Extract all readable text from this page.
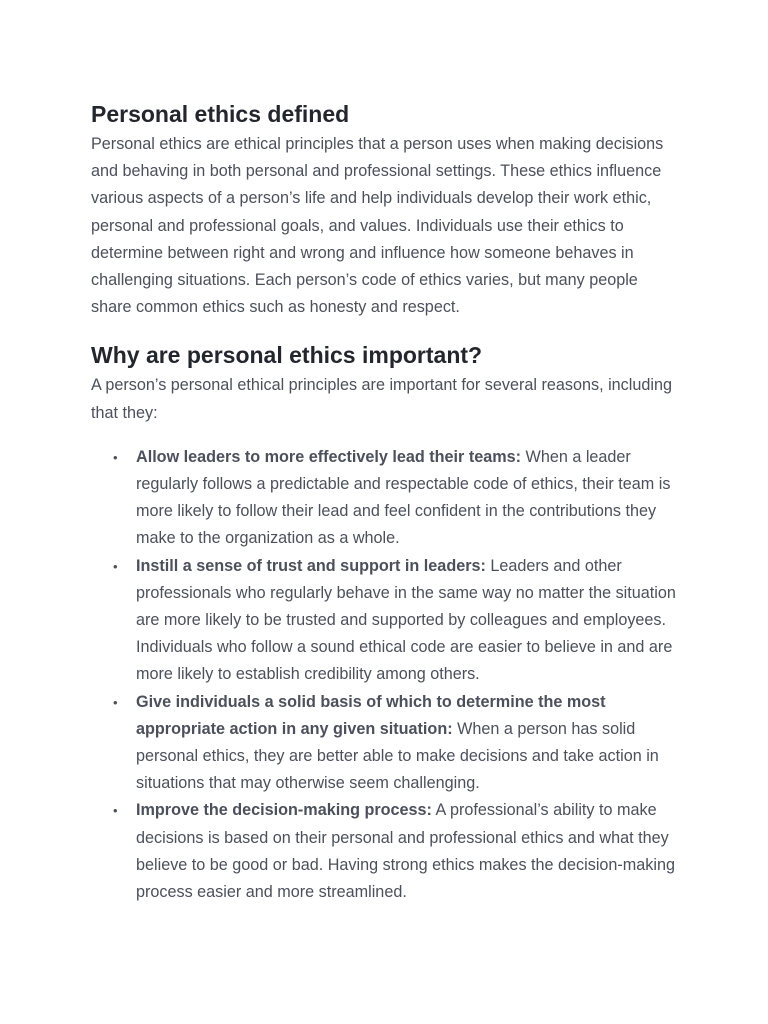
Personal ethics defined

Personal ethics are ethical principles that a person uses when making decisions and behaving in both personal and professional settings. These ethics influence various aspects of a person’s life and help individuals develop their work ethic, personal and professional goals, and values. Individuals use their ethics to determine between right and wrong and influence how someone behaves in challenging situations. Each person’s code of ethics varies, but many people share common ethics such as honesty and respect.

Why are personal ethics important?

A person’s personal ethical principles are important for several reasons, including that they:

• Allow leaders to more effectively lead their teams: When a leader regularly follows a predictable and respectable code of ethics, their team is more likely to follow their lead and feel confident in the contributions they make to the organization as a whole.
• Instill a sense of trust and support in leaders: Leaders and other professionals who regularly behave in the same way no matter the situation are more likely to be trusted and supported by colleagues and employees. Individuals who follow a sound ethical code are easier to believe in and are more likely to establish credibility among others.
• Give individuals a solid basis of which to determine the most appropriate action in any given situation: When a person has solid personal ethics, they are better able to make decisions and take action in situations that may otherwise seem challenging.
• Improve the decision-making process: A professional’s ability to make decisions is based on their personal and professional ethics and what they believe to be good or bad. Having strong ethics makes the decision-making process easier and more streamlined.
